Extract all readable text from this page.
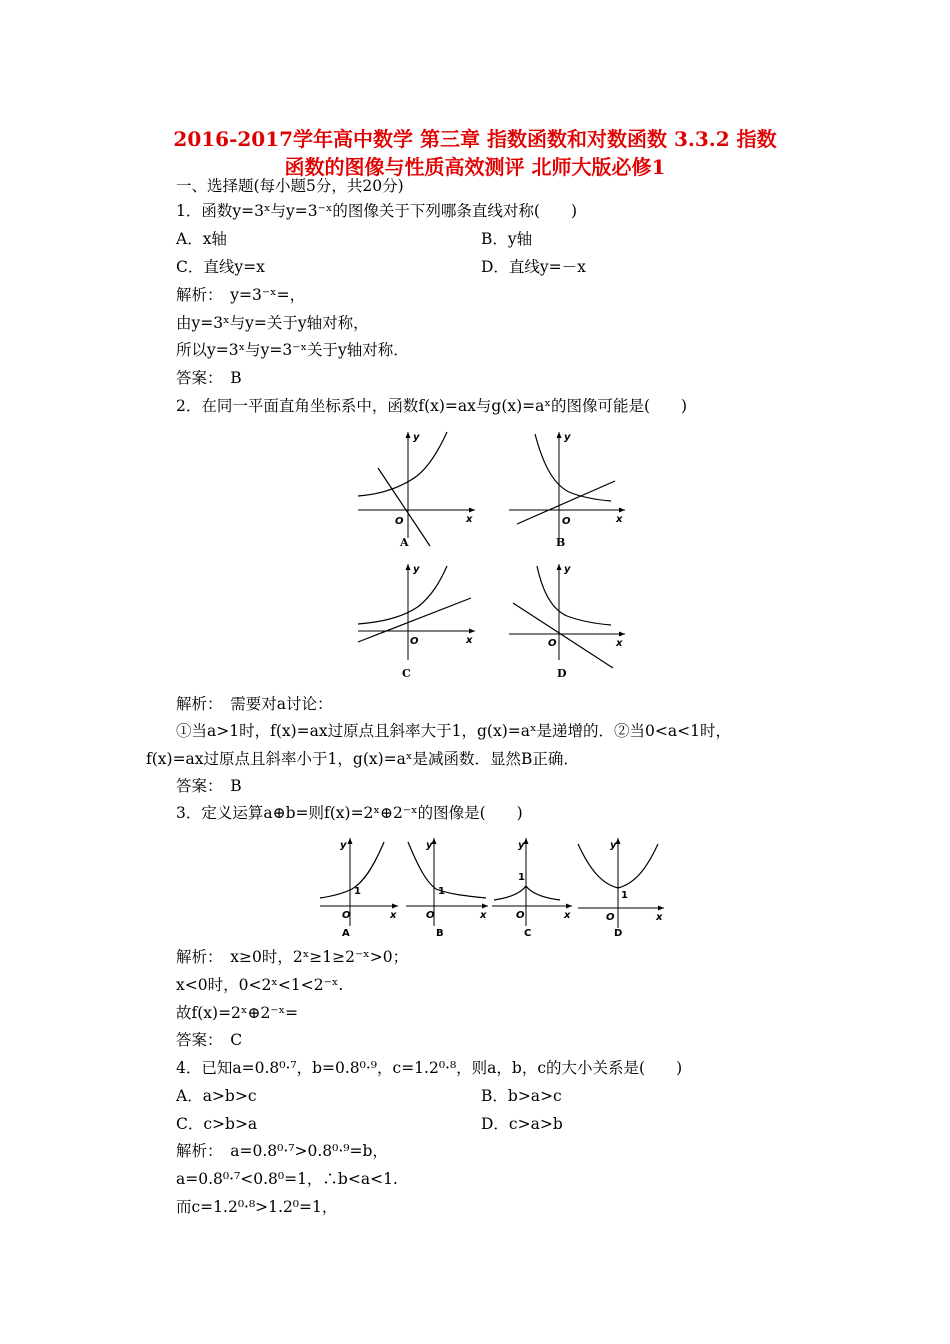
2016-2017学年高中数学 第三章 指数函数和对数函数 3.3.2 指数
函数的图像与性质高效测评 北师大版必修1
一、选择题(每小题5分，共20分)
1．函数y=3ˣ与y=3⁻ˣ的图像关于下列哪条直线对称(　　)
A．x轴	B．y轴
C．直线y=x	D．直线y=－x
解析：　y=3⁻ˣ=，
由y=3ˣ与y=关于y轴对称，
所以y=3ˣ与y=3⁻ˣ关于y轴对称．
答案：　B
2．在同一平面直角坐标系中，函数f(x)=ax与g(x)=aˣ的图像可能是(　　)
y
x
O
A
y
x
O
B
y
x
O
C
y
x
O
D
解析：　需要对a讨论：
①当a>1时，f(x)=ax过原点且斜率大于1，g(x)=aˣ是递增的．②当0<a<1时，
f(x)=ax过原点且斜率小于1，g(x)=aˣ是减函数．显然B正确．
答案：　B
3．定义运算a⊕b=则f(x)=2ˣ⊕2⁻ˣ的图像是(　　)
y
x
O
1
A
y
x
O
1
B
y
x
O
1
C
y
x
O
1
D
解析：　x≥0时，2ˣ≥1≥2⁻ˣ>0；
x<0时，0<2ˣ<1<2⁻ˣ.
故f(x)=2ˣ⊕2⁻ˣ=
答案：　C
4．已知a=0.8⁰·⁷，b=0.8⁰·⁹，c=1.2⁰·⁸，则a，b，c的大小关系是(　　)
A．a>b>c	B．b>a>c
C．c>b>a	D．c>a>b
解析：　a=0.8⁰·⁷>0.8⁰·⁹=b，
a=0.8⁰·⁷<0.8⁰=1，∴b<a<1.
而c=1.2⁰·⁸>1.2⁰=1，
